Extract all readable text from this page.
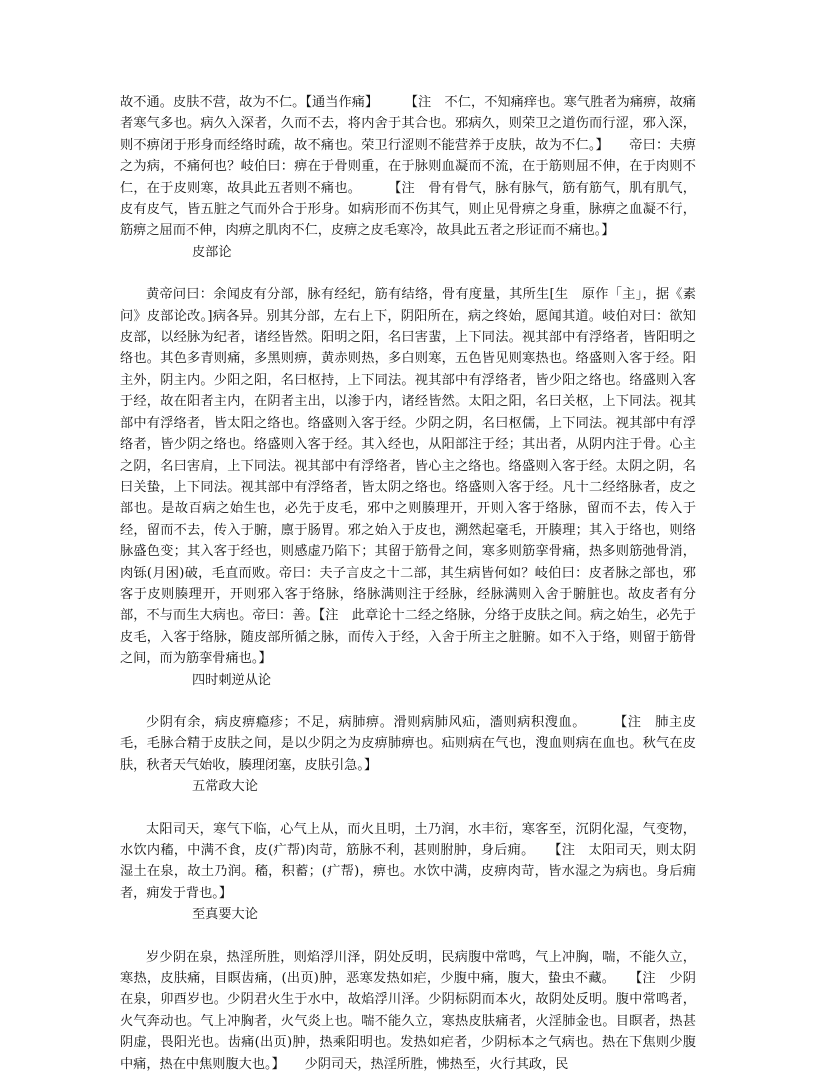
故不通。皮肤不营，故为不仁。【通当作痛】　　　【注　不仁，不知痛痒也。寒气胜者为痛痹，故痛者寒气多也。病久入深者，久而不去，将内舍于其合也。邪病久，则荣卫之道伤而行涩，邪入深，则不痹闭于形身而经络时疏，故不痛也。荣卫行涩则不能营养于皮肤，故为不仁。】　　帝曰：夫痹之为病，不痛何也？岐伯曰：痹在于骨则重，在于脉则血凝而不流，在于筋则屈不伸，在于肉则不仁，在于皮则寒，故具此五者则不痛也。　　　【注　骨有骨气，脉有脉气，筋有筋气，肌有肌气，皮有皮气，皆五脏之气而外合于形身。如病形而不伤其气，则止见骨痹之身重，脉痹之血凝不行，筋痹之屈而不伸，肉痹之肌肉不仁，皮痹之皮毛寒冷，故具此五者之形证而不痛也。】

皮部论

黄帝问曰：余闻皮有分部，脉有经纪，筋有结络，骨有度量，其所生[生　原作「主」，据《素问》皮部论改。]病各异。别其分部，左右上下，阴阳所在，病之终始，愿闻其道。岐伯对曰：欲知皮部，以经脉为纪者，诸经皆然。阳明之阳，名曰害蜚，上下同法。视其部中有浮络者，皆阳明之络也。其色多青则痛，多黑则痹，黄赤则热，多白则寒，五色皆见则寒热也。络盛则入客于经。阳主外，阴主内。少阳之阳，名曰枢持，上下同法。视其部中有浮络者，皆少阳之络也。络盛则入客于经，故在阳者主内，在阴者主出，以渗于内，诸经皆然。太阳之阳，名曰关枢，上下同法。视其部中有浮络者，皆太阳之络也。络盛则入客于经。少阴之阴，名曰枢儒，上下同法。视其部中有浮络者，皆少阴之络也。络盛则入客于经。其入经也，从阳部注于经；其出者，从阴内注于骨。心主之阴，名曰害肩，上下同法。视其部中有浮络者，皆心主之络也。络盛则入客于经。太阴之阴，名曰关蛰，上下同法。视其部中有浮络者，皆太阴之络也。络盛则入客于经。凡十二经络脉者，皮之部也。是故百病之始生也，必先于皮毛，邪中之则腠理开，开则入客于络脉，留而不去，传入于经，留而不去，传入于腑，廪于肠胃。邪之始入于皮也，溯然起毫毛，开腠理；其入于络也，则络脉盛色变；其入客于经也，则感虚乃陷下；其留于筋骨之间，寒多则筋挛骨痛，热多则筋弛骨消，肉铄(月困)破，毛直而败。帝曰：夫子言皮之十二部，其生病皆何如？岐伯曰：皮者脉之部也，邪客于皮则腠理开，开则邪入客于络脉，络脉满则注于经脉，经脉满则入舍于腑脏也。故皮者有分部，不与而生大病也。帝曰：善。【注　此章论十二经之络脉，分络于皮肤之间。病之始生，必先于皮毛，入客于络脉，随皮部所循之脉，而传入于经，入舍于所主之脏腑。如不入于络，则留于筋骨之间，而为筋挛骨痛也。】

四时刺逆从论

少阴有余，病皮痹瘾疹；不足，病肺痹。滑则病肺风疝，濇则病积溲血。　　　【注　肺主皮毛，毛脉合精于皮肤之间，是以少阴之为皮痹肺痹也。疝则病在气也，溲血则病在血也。秋气在皮肤，秋者天气始收，腠理闭塞，皮肤引急。】

五常政大论

太阳司天，寒气下临，心气上从，而火且明，土乃润，水丰衍，寒客至，沉阴化湿，气变物，水饮内稸，中满不食，皮(疒帮)肉苛，筋脉不利，甚则胕肿，身后痈。　　【注　太阳司天，则太阴湿土在泉，故土乃润。稸，积蓄；(疒帮)，痹也。水饮中满，皮痹肉苛，皆水湿之为病也。身后痈者，痈发于背也。】

至真要大论

岁少阴在泉，热淫所胜，则焰浮川泽，阴处反明，民病腹中常鸣，气上冲胸，喘，不能久立，寒热，皮肤痛，目瞑齿痛，(出页)肿，恶寒发热如疟，少腹中痛，腹大，蛰虫不藏。　　【注　少阴在泉，卯酉岁也。少阴君火生于水中，故焰浮川泽。少阴标阴而本火，故阴处反明。腹中常鸣者，火气奔动也。气上冲胸者，火气炎上也。喘不能久立，寒热皮肤痛者，火淫肺金也。目瞑者，热甚阴虚，畏阳光也。齿痛(出页)肿，热乘阳明也。发热如疟者，少阴标本之气病也。热在下焦则少腹中痛，热在中焦则腹大也。】　　少阴司天，热淫所胜，怫热至，火行其政，民
